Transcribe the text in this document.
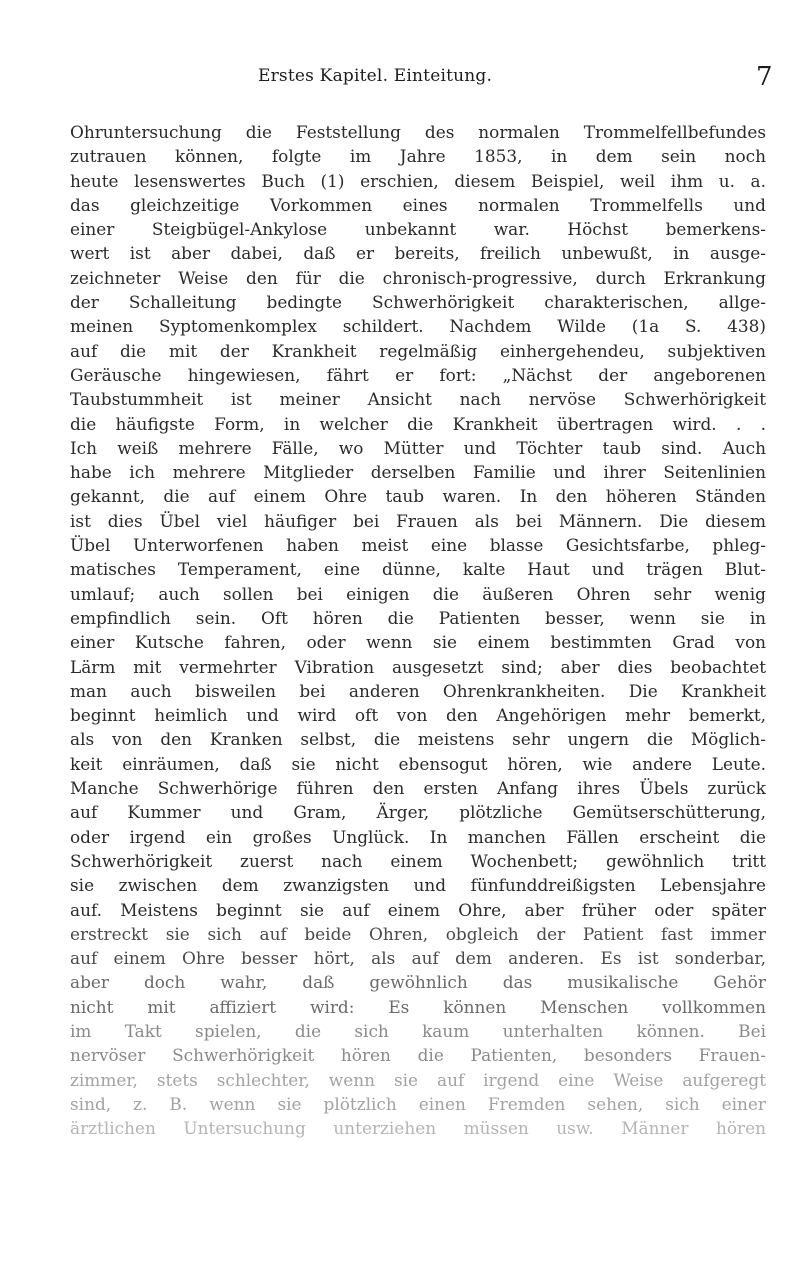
Erstes Kapitel. Einteitung.	7
Ohruntersuchung die Feststellung des normalen Trommelfellbefundes
zutrauen können, folgte im Jahre 1853, in dem sein noch
heute lesenswertes Buch (1) erschien, diesem Beispiel, weil ihm u. a.
das gleichzeitige Vorkommen eines normalen Trommelfells und
einer Steigbügel-Ankylose unbekannt war. Höchst bemerkens-
wert ist aber dabei, daß er bereits, freilich unbewußt, in ausge-
zeichneter Weise den für die chronisch-progressive, durch Erkrankung
der Schalleitung bedingte Schwerhörigkeit charakterischen, allge-
meinen Syptomenkomplex schildert. Nachdem Wilde (1a S. 438)
auf die mit der Krankheit regelmäßig einhergehendeu, subjektiven
Geräusche hingewiesen, fährt er fort: „Nächst der angeborenen
Taubstummheit ist meiner Ansicht nach nervöse Schwerhörigkeit
die häufigste Form, in welcher die Krankheit übertragen wird. . .
Ich weiß mehrere Fälle, wo Mütter und Töchter taub sind. Auch
habe ich mehrere Mitglieder derselben Familie und ihrer Seitenlinien
gekannt, die auf einem Ohre taub waren. In den höheren Ständen
ist dies Übel viel häufiger bei Frauen als bei Männern. Die diesem
Übel Unterworfenen haben meist eine blasse Gesichtsfarbe, phleg-
matisches Temperament, eine dünne, kalte Haut und trägen Blut-
umlauf; auch sollen bei einigen die äußeren Ohren sehr wenig
empfindlich sein. Oft hören die Patienten besser, wenn sie in
einer Kutsche fahren, oder wenn sie einem bestimmten Grad von
Lärm mit vermehrter Vibration ausgesetzt sind; aber dies beobachtet
man auch bisweilen bei anderen Ohrenkrankheiten. Die Krankheit
beginnt heimlich und wird oft von den Angehörigen mehr bemerkt,
als von den Kranken selbst, die meistens sehr ungern die Möglich-
keit einräumen, daß sie nicht ebensogut hören, wie andere Leute.
Manche Schwerhörige führen den ersten Anfang ihres Übels zurück
auf Kummer und Gram, Ärger, plötzliche Gemütserschütterung,
oder irgend ein großes Unglück. In manchen Fällen erscheint die
Schwerhörigkeit zuerst nach einem Wochenbett; gewöhnlich tritt
sie zwischen dem zwanzigsten und fünfunddreißigsten Lebensjahre
auf. Meistens beginnt sie auf einem Ohre, aber früher oder später
erstreckt sie sich auf beide Ohren, obgleich der Patient fast immer
auf einem Ohre besser hört, als auf dem anderen. Es ist sonderbar,
aber doch wahr, daß gewöhnlich das musikalische Gehör
nicht mit affiziert wird: Es können Menschen vollkommen
im Takt spielen, die sich kaum unterhalten können. Bei
nervöser Schwerhörigkeit hören die Patienten, besonders Frauen-
zimmer, stets schlechter, wenn sie auf irgend eine Weise aufgeregt
sind, z. B. wenn sie plötzlich einen Fremden sehen, sich einer
ärztlichen Untersuchung unterziehen müssen usw. Männer hören
